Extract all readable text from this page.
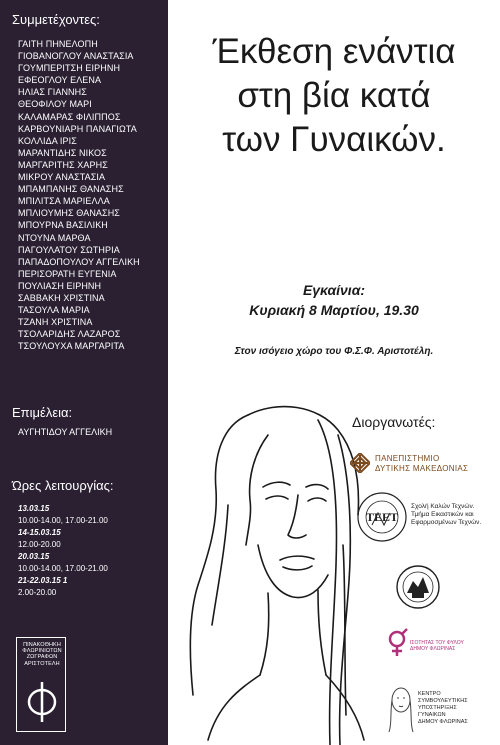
Συμμετέχοντες:
ΓΑΙΤΗ ΠΗΝΕΛΟΠΗ
ΓΙΟΒΑΝΟΓΛΟΥ ΑΝΑΣΤΑΣΙΑ
ΓΟΥΜΠΕΡΙΤΣΗ ΕΙΡΗΝΗ
ΕΦΕΟΓΛΟΥ ΕΛΕΝΑ
ΗΛΙΑΣ ΓΙΑΝΝΗΣ
ΘΕΟΦΙΛΟΥ ΜΑΡΙ
ΚΑΛΑΜΑΡΑΣ ΦΙΛΙΠΠΟΣ
ΚΑΡΒΟΥΝΙΑΡΗ ΠΑΝΑΓΙΩΤΑ
ΚΟΛΛΙΔΑ ΙΡΙΣ
ΜΑΡΑΝΤΙΔΗΣ ΝΙΚΟΣ
ΜΑΡΓΑΡΙΤΗΣ ΧΑΡΗΣ
ΜΙΚΡΟΥ ΑΝΑΣΤΑΣΙΑ
ΜΠΑΜΠΑΝΗΣ ΘΑΝΑΣΗΣ
ΜΠΙΛΙΤΣΑ ΜΑΡΙΕΛΛΑ
ΜΠΛΙΟΥΜΗΣ ΘΑΝΑΣΗΣ
ΜΠΟΥΡΝΑ ΒΑΣΙΛΙΚΗ
ΝΤΟΥΝΑ ΜΑΡΘΑ
ΠΑΓΟΥΛΑΤΟΥ ΣΩΤΗΡΙΑ
ΠΑΠΑΔΟΠΟΥΛΟΥ ΑΓΓΕΛΙΚΗ
ΠΕΡΙΣΟΡΑΤΗ ΕΥΓΕΝΙΑ
ΠΟΥΛΙΑΣΗ ΕΙΡΗΝΗ
ΣΑΒΒΑΚΗ ΧΡΙΣΤΙΝΑ
ΤΑΣΟΥΛΑ ΜΑΡΙΑ
ΤΖΑΝΗ ΧΡΙΣΤΙΝΑ
ΤΣΟΛΑΡΙΔΗΣ ΛΑΖΑΡΟΣ
ΤΣΟΥΛΟΥΧΑ ΜΑΡΓΑΡΙΤΑ
Επιμέλεια:
ΑΥΓΗΤΙΔΟΥ ΑΓΓΕΛΙΚΗ
Ώρες λειτουργίας:
13.03.15
10.00-14.00, 17.00-21.00
14-15.03.15
12.00-20.00
20.03.15
10.00-14.00, 17.00-21.00
21-22.03.15 1
2.00-20.00
ΠΙΝΑΚΟΘΗΚΗ ΦΛΩΡΙΝΙΩΤΩΝ ΖΩΓΡΑΦΩΝ ΑΡΙΣΤΟΤΕΛΗ
Έκθεση ενάντια
στη βία κατά
των Γυναικών.
Εγκαίνια:
Κυριακή 8 Μαρτίου, 19.30
Στον ισόγειο χώρο του Φ.Σ.Φ. Αριστοτέλη.
Διοργανωτές:
ΠΑΝΕΠΙΣΤΗΜΙΟ
ΔΥΤΙΚΗΣ ΜΑΚΕΔΟΝΙΑΣ
ΤΕΕΤ
Σχολή Καλών Τεχνών.
Τμήμα Εικαστικών και
Εφαρμοσμένων Τεχνών.
ΙΣΟΤΗΤΑΣ ΤΟΥ ΦΥΛΟΥ
ΔΗΜΟΥ ΦΛΩΡΙΝΑΣ
ΚΕΝΤΡΟ
ΣΥΜΒΟΥΛΕΥΤΙΚΗΣ
ΥΠΟΣΤΗΡΙΞΗΣ
ΓΥΝΑΙΚΩΝ
ΔΗΜΟΥ ΦΛΩΡΙΝΑΣ
